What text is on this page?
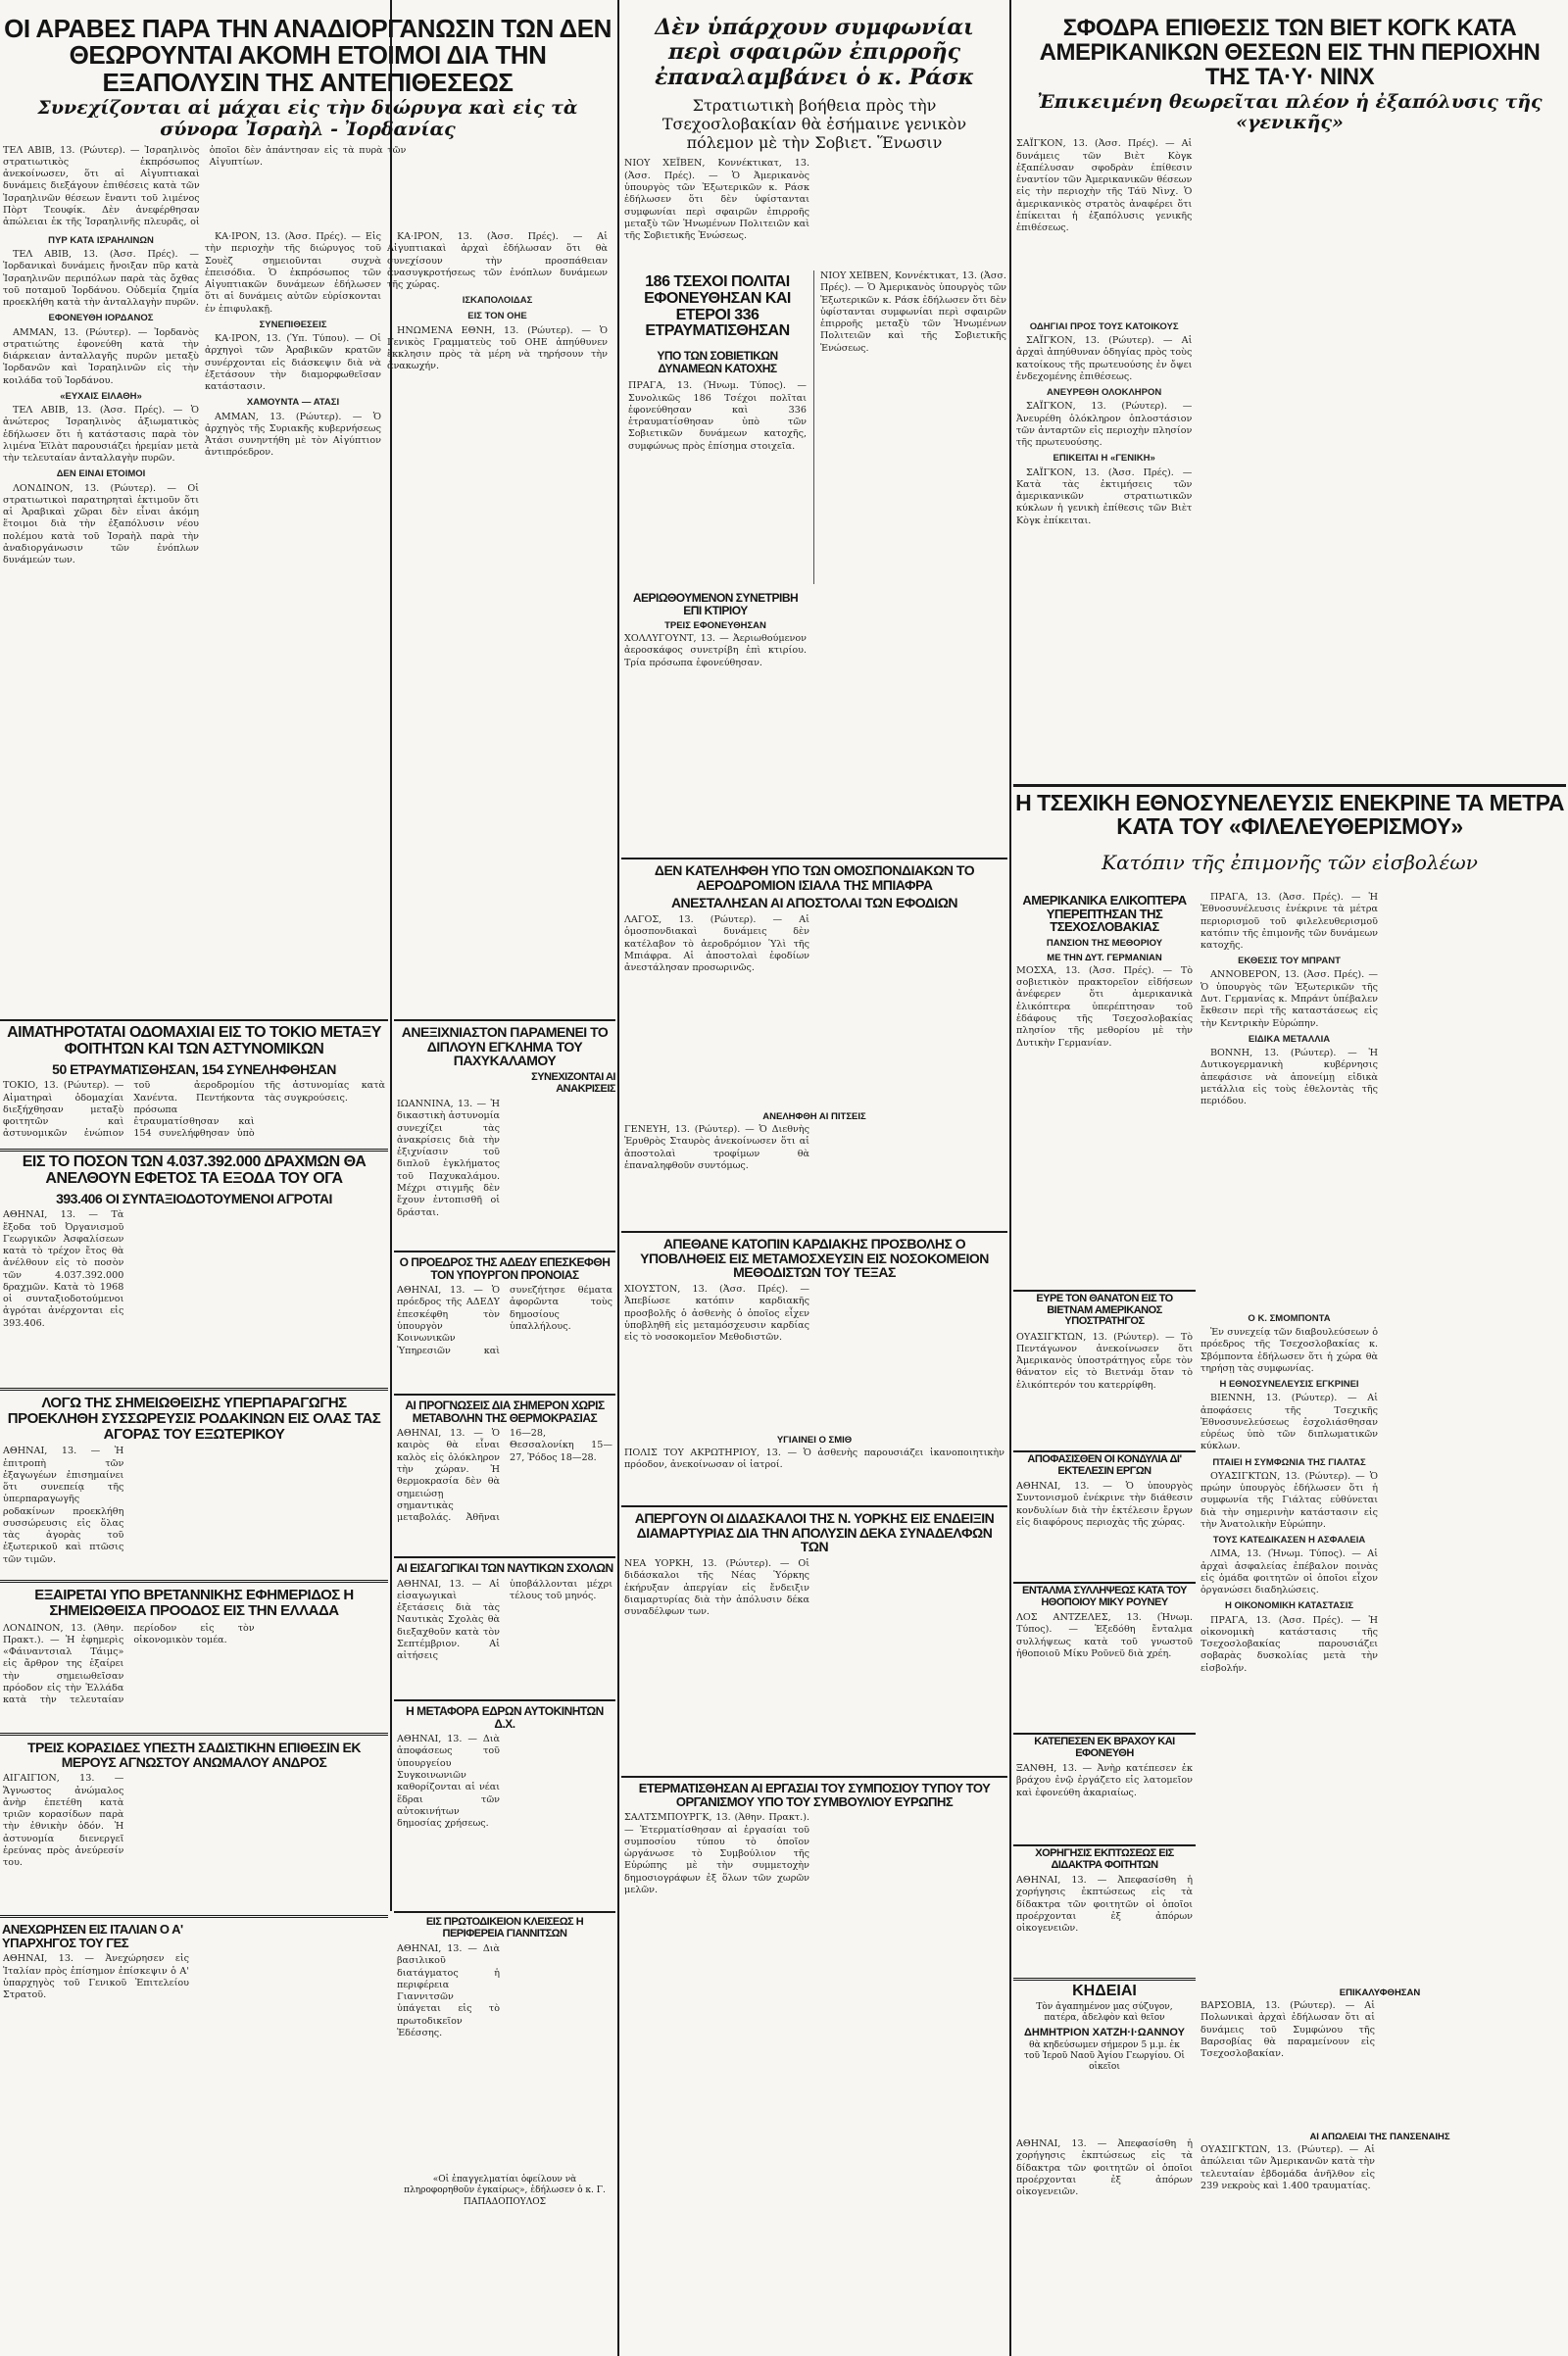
ΟΙ ΑΡΑΒΕΣ ΠΑΡΑ ΤΗΝ ΑΝΑΔΙΟΡΓΑΝΩΣΙΝ ΤΩΝ ΔΕΝ ΘΕΩΡΟΥΝΤΑΙ ΑΚΟΜΗ ΕΤΟΙΜΟΙ ΔΙΑ ΤΗΝ ΕΞΑΠΟΛΥΣΙΝ ΤΗΣ ΑΝΤΕΠΙΘΕΣΕΩΣ
Συνεχίζονται αἱ μάχαι εἰς τὴν διώρυγα καὶ εἰς τὰ σύνορα Ἰσραὴλ - Ἰορδανίας
ΤΕΛ ΑΒΙΒ, 13. (Ρώυτερ). — Ἰσραηλινὸς στρατιωτικὸς ἐκπρόσωπος ἀνεκοίνωσεν, ὅτι αἱ Αἰγυπτιακαὶ δυνάμεις διεξάγουν ἐπιθέσεις κατὰ τῶν Ἰσραηλινῶν θέσεων ἔναντι τοῦ λιμένος Πὸρτ Τεουφίκ. Δὲν ἀνεφέρθησαν ἀπώλειαι ἐκ τῆς Ἰσραηλινῆς πλευρᾶς, οἱ ὁποῖοι δὲν ἀπάντησαν εἰς τὰ πυρὰ τῶν Αἰγυπτίων.
ΠΥΡ ΚΑΤΑ ΙΣΡΑΗΛΙΝΩΝ

ΤΕΛ ΑΒΙΒ, 13. (Ἀσσ. Πρές). — Ἰορδανικαὶ δυνάμεις ἤνοιξαν πῦρ κατὰ Ἰσραηλινῶν περιπόλων παρὰ τὰς ὄχθας τοῦ ποταμοῦ Ἰορδάνου. Οὐδεμία ζημία προεκλήθη κατὰ τὴν ἀνταλλαγὴν πυρῶν.

ΕΦΟΝΕΥΘΗ ΙΟΡΔΑΝΟΣ

ΑΜΜΑΝ, 13. (Ρώυτερ). — Ἰορδανὸς στρατιώτης ἐφονεύθη κατὰ τὴν διάρκειαν ἀνταλλαγῆς πυρῶν μεταξὺ Ἰορδανῶν καὶ Ἰσραηλινῶν εἰς τὴν κοιλάδα τοῦ Ἰορδάνου.

«ΕΥΧΑΙΣ ΕΙΛΑΘΗ»

ΤΕΛ ΑΒΙΒ, 13. (Ἀσσ. Πρές). — Ὁ ἀνώτερος Ἰσραηλινὸς ἀξιωματικὸς ἐδήλωσεν ὅτι ἡ κατάστασις παρὰ τὸν λιμένα Ἐϊλὰτ παρουσιάζει ἡρεμίαν μετὰ τὴν τελευταίαν ἀνταλλαγὴν πυρῶν.

ΔΕΝ ΕΙΝΑΙ ΕΤΟΙΜΟΙ

ΛΟΝΔΙΝΟΝ, 13. (Ρώυτερ). — Οἱ στρατιωτικοὶ παρατηρηταὶ ἐκτιμοῦν ὅτι αἱ Ἀραβικαὶ χῶραι δὲν εἶναι ἀκόμη ἕτοιμοι διὰ τὴν ἐξαπόλυσιν νέου πολέμου κατὰ τοῦ Ἰσραὴλ παρὰ τὴν ἀναδιοργάνωσιν τῶν ἐνόπλων δυνάμεών των.

ΚΑ·ΙΡΟΝ, 13. (Ἀσσ. Πρές). — Εἰς τὴν περιοχὴν τῆς διώρυγος τοῦ Σουὲζ σημειοῦνται συχνὰ ἐπεισόδια. Ὁ ἐκπρόσωπος τῶν Αἰγυπτιακῶν δυνάμεων ἐδήλωσεν ὅτι αἱ δυνάμεις αὐτῶν εὑρίσκονται ἐν ἐπιφυλακῇ.

ΣΥΝΕΠΙΘΕΣΕΙΣ

ΚΑ·ΙΡΟΝ, 13. (Ὑπ. Τύπου). — Οἱ ἀρχηγοὶ τῶν Ἀραβικῶν κρατῶν συνέρχονται εἰς διάσκεψιν διὰ νὰ ἐξετάσουν τὴν διαμορφωθεῖσαν κατάστασιν.

ΧΑΜΟΥΝΤΑ — ΑΤΑΣΙ

ΑΜΜΑΝ, 13. (Ρώυτερ). — Ὁ ἀρχηγὸς τῆς Συριακῆς κυβερνήσεως Ἀτάσι συνηντήθη μὲ τὸν Αἰγύπτιον ἀντιπρόεδρον.

ΚΑ·ΙΡΟΝ, 13. (Ἀσσ. Πρές). — Αἱ Αἰγυπτιακαὶ ἀρχαὶ ἐδήλωσαν ὅτι θὰ συνεχίσουν τὴν προσπάθειαν ἀνασυγκροτήσεως τῶν ἐνόπλων δυνάμεων τῆς χώρας.

ΙΣΚΑΠΟΛΟΙΔΑΣ
ΕΙΣ ΤΟΝ ΟΗΕ

ΗΝΩΜΕΝΑ ΕΘΝΗ, 13. (Ρώυτερ). — Ὁ Γενικὸς Γραμματεὺς τοῦ ΟΗΕ ἀπηύθυνεν ἔκκλησιν πρὸς τὰ μέρη νὰ τηρήσουν τὴν ἀνακωχήν.

ΑΙΜΑΤΗΡΟΤΑΤΑΙ ΟΔΟΜΑΧΙΑΙ ΕΙΣ ΤΟ ΤΟΚΙΟ ΜΕΤΑΞΥ ΦΟΙΤΗΤΩΝ ΚΑΙ ΤΩΝ ΑΣΤΥΝΟΜΙΚΩΝ
50 ΕΤΡΑΥΜΑΤΙΣΘΗΣΑΝ, 154 ΣΥΝΕΛΗΦΘΗΣΑΝ
ΤΟΚΙΟ, 13. (Ρώυτερ). — Αἱματηραὶ ὁδομαχίαι διεξήχθησαν μεταξὺ φοιτητῶν καὶ ἀστυνομικῶν ἐνώπιον τοῦ ἀεροδρομίου Χανέντα. Πεντήκοντα πρόσωπα ἐτραυματίσθησαν καὶ 154 συνελήφθησαν ὑπὸ τῆς ἀστυνομίας κατὰ τὰς συγκρούσεις.
ΕΙΣ ΤΟ ΠΟΣΟΝ ΤΩΝ 4.037.392.000 ΔΡΑΧΜΩΝ ΘΑ ΑΝΕΛΘΟΥΝ ΕΦΕΤΟΣ ΤΑ ΕΞΟΔΑ ΤΟΥ ΟΓΑ
393.406 ΟΙ ΣΥΝΤΑΞΙΟΔΟΤΟΥΜΕΝΟΙ ΑΓΡΟΤΑΙ
ΑΘΗΝΑΙ, 13. — Τὰ ἔξοδα τοῦ Ὀργανισμοῦ Γεωργικῶν Ἀσφαλίσεων κατὰ τὸ τρέχον ἔτος θὰ ἀνέλθουν εἰς τὸ ποσὸν τῶν 4.037.392.000 δραχμῶν. Κατὰ τὸ 1968 οἱ συνταξιοδοτούμενοι ἀγρόται ἀνέρχονται εἰς 393.406.
ΛΟΓΩ ΤΗΣ ΣΗΜΕΙΩΘΕΙΣΗΣ ΥΠΕΡΠΑΡΑΓΩΓΗΣ ΠΡΟΕΚΛΗΘΗ ΣΥΣΣΩΡΕΥΣΙΣ ΡΟΔΑΚΙΝΩΝ ΕΙΣ ΟΛΑΣ ΤΑΣ ΑΓΟΡΑΣ ΤΟΥ ΕΞΩΤΕΡΙΚΟΥ
ΑΘΗΝΑΙ, 13. — Ἡ ἐπιτροπὴ τῶν ἐξαγωγέων ἐπισημαίνει ὅτι συνεπείᾳ τῆς ὑπερπαραγωγῆς ροδακίνων προεκλήθη συσσώρευσις εἰς ὅλας τὰς ἀγορὰς τοῦ ἐξωτερικοῦ καὶ πτῶσις τῶν τιμῶν.
ΕΞΑΙΡΕΤΑΙ ΥΠΟ ΒΡΕΤΑΝΝΙΚΗΣ ΕΦΗΜΕΡΙΔΟΣ Η ΣΗΜΕΙΩΘΕΙΣΑ ΠΡΟΟΔΟΣ ΕΙΣ ΤΗΝ ΕΛΛΑΔΑ
ΛΟΝΔΙΝΟΝ, 13. (Ἀθην. Πρακτ.). — Ἡ ἐφημερὶς «Φάιναντσιαλ Τάιμς» εἰς ἄρθρον της ἐξαίρει τὴν σημειωθεῖσαν πρόοδον εἰς τὴν Ἑλλάδα κατὰ τὴν τελευταίαν περίοδον εἰς τὸν οἰκονομικὸν τομέα.
ΤΡΕΙΣ ΚΟΡΑΣΙΔΕΣ ΥΠΕΣΤΗ ΣΑΔΙΣΤΙΚΗΝ ΕΠΙΘΕΣΙΝ ΕΚ ΜΕΡΟΥΣ ΑΓΝΩΣΤΟΥ ΑΝΩΜΑΛΟΥ ΑΝΔΡΟΣ
ΑΙΓΑΙΓΙΟΝ, 13. — Ἄγνωστος ἀνώμαλος ἀνὴρ ἐπετέθη κατὰ τριῶν κορασίδων παρὰ τὴν ἐθνικὴν ὁδόν. Ἡ ἀστυνομία διενεργεῖ ἐρεύνας πρὸς ἀνεύρεσίν του.
ΑΝΕΧΩΡΗΣΕΝ ΕΙΣ ΙΤΑΛΙΑΝ Ο Α' ΥΠΑΡΧΗΓΟΣ ΤΟΥ ΓΕΣ
ΑΘΗΝΑΙ, 13. — Ἀνεχώρησεν εἰς Ἰταλίαν πρὸς ἐπίσημον ἐπίσκεψιν ὁ Α' ὑπαρχηγὸς τοῦ Γενικοῦ Ἐπιτελείου Στρατοῦ.
ΑΝΕΞΙΧΝΙΑΣΤΟΝ ΠΑΡΑΜΕΝΕΙ ΤΟ ΔΙΠΛΟΥΝ ΕΓΚΛΗΜΑ ΤΟΥ ΠΑΧΥΚΑΛΑΜΟΥ
ΣΥΝΕΧΙΖΟΝΤΑΙ ΑΙ ΑΝΑΚΡΙΣΕΙΣ
ΙΩΑΝΝΙΝΑ, 13. — Ἡ δικαστικὴ ἀστυνομία συνεχίζει τὰς ἀνακρίσεις διὰ τὴν ἐξιχνίασιν τοῦ διπλοῦ ἐγκλήματος τοῦ Παχυκαλάμου. Μέχρι στιγμῆς δὲν ἔχουν ἐντοπισθῆ οἱ δράσται.
Ο ΠΡΟΕΔΡΟΣ ΤΗΣ ΑΔΕΔΥ ΕΠΕΣΚΕΦΘΗ ΤΟΝ ΥΠΟΥΡΓΟΝ ΠΡΟΝΟΙΑΣ
ΑΘΗΝΑΙ, 13. — Ὁ πρόεδρος τῆς ΑΔΕΔΥ ἐπεσκέφθη τὸν ὑπουργὸν Κοινωνικῶν Ὑπηρεσιῶν καὶ συνεζήτησε θέματα ἀφορῶντα τοὺς δημοσίους ὑπαλλήλους.
ΑΙ ΠΡΟΓΝΩΣΕΙΣ ΔΙΑ ΣΗΜΕΡΟΝ ΧΩΡΙΣ ΜΕΤΑΒΟΛΗΝ ΤΗΣ ΘΕΡΜΟΚΡΑΣΙΑΣ
ΑΘΗΝΑΙ, 13. — Ὁ καιρὸς θὰ εἶναι καλὸς εἰς ὁλόκληρον τὴν χώραν. Ἡ θερμοκρασία δὲν θὰ σημειώσῃ σημαντικὰς μεταβολάς. Ἀθῆναι 16—28, Θεσσαλονίκη 15—27, Ῥόδος 18—28.
ΑΙ ΕΙΣΑΓΩΓΙΚΑΙ ΤΩΝ ΝΑΥΤΙΚΩΝ ΣΧΟΛΩΝ
ΑΘΗΝΑΙ, 13. — Αἱ εἰσαγωγικαὶ ἐξετάσεις διὰ τὰς Ναυτικὰς Σχολὰς θὰ διεξαχθοῦν κατὰ τὸν Σεπτέμβριον. Αἱ αἰτήσεις ὑποβάλλονται μέχρι τέλους τοῦ μηνός.
Η ΜΕΤΑΦΟΡΑ ΕΔΡΩΝ ΑΥΤΟΚΙΝΗΤΩΝ Δ.Χ.
ΑΘΗΝΑΙ, 13. — Διὰ ἀποφάσεως τοῦ ὑπουργείου Συγκοινωνιῶν καθορίζονται αἱ νέαι ἕδραι τῶν αὐτοκινήτων δημοσίας χρήσεως.
ΕΙΣ ΠΡΩΤΟΔΙΚΕΙΟΝ ΚΛΕΙΣΕΩΣ Η ΠΕΡΙΦΕΡΕΙΑ ΓΙΑΝΝΙΤΣΩΝ
ΑΘΗΝΑΙ, 13. — Διὰ βασιλικοῦ διατάγματος ἡ περιφέρεια Γιαννιτσῶν ὑπάγεται εἰς τὸ πρωτοδικεῖον Ἐδέσσης.
«Οἱ ἐπαγγελματίαι ὀφείλουν νὰ πληροφορηθοῦν ἐγκαίρως», ἐδήλωσεν ὁ κ. Γ. ΠΑΠΑΔΟΠΟΥΛΟΣ
Δὲν ὑπάρχουν συμφωνίαι περὶ σφαιρῶν ἐπιρροῆς ἐπαναλαμβάνει ὁ κ. Ράσκ
Στρατιωτικὴ βοήθεια πρὸς τὴν Τσεχοσλοβακίαν θὰ ἐσήμαινε γενικὸν πόλεμον μὲ τὴν Σοβιετ. Ἕνωσιν
ΝΙΟΥ ΧΕΪΒΕΝ, Κοννέκτικατ, 13. (Ἀσσ. Πρές). — Ὁ Ἀμερικανὸς ὑπουργὸς τῶν Ἐξωτερικῶν κ. Ράσκ ἐδήλωσεν ὅτι δὲν ὑφίστανται συμφωνίαι περὶ σφαιρῶν ἐπιρροῆς μεταξὺ τῶν Ἡνωμένων Πολιτειῶν καὶ τῆς Σοβιετικῆς Ἑνώσεως.
186 ΤΣΕΧΟΙ ΠΟΛΙΤΑΙ ΕΦΟΝΕΥΘΗΣΑΝ ΚΑΙ ΕΤΕΡΟΙ 336 ΕΤΡΑΥΜΑΤΙΣΘΗΣΑΝ
ΥΠΟ ΤΩΝ ΣΟΒΙΕΤΙΚΩΝ ΔΥΝΑΜΕΩΝ ΚΑΤΟΧΗΣ
ΠΡΑΓΑ, 13. (Ἡνωμ. Τύπος). — Συνολικῶς 186 Τσέχοι πολῖται ἐφονεύθησαν καὶ 336 ἐτραυματίσθησαν ὑπὸ τῶν Σοβιετικῶν δυνάμεων κατοχῆς, συμφώνως πρὸς ἐπίσημα στοιχεῖα.
ΝΙΟΥ ΧΕΪΒΕΝ, Κοννέκτικατ, 13. (Ἀσσ. Πρές). — Ὁ Ἀμερικανὸς ὑπουργὸς τῶν Ἐξωτερικῶν κ. Ράσκ ἐδήλωσεν ὅτι δὲν ὑφίστανται συμφωνίαι περὶ σφαιρῶν ἐπιρροῆς μεταξὺ τῶν Ἡνωμένων Πολιτειῶν καὶ τῆς Σοβιετικῆς Ἑνώσεως.
ΑΕΡΙΩΘΟΥΜΕΝΟΝ ΣΥΝΕΤΡΙΒΗ ΕΠΙ ΚΤΙΡΙΟΥ
ΤΡΕΙΣ ΕΦΟΝΕΥΘΗΣΑΝ
ΧΟΛΛΥΓΟΥΝΤ, 13. — Ἀεριωθούμενον ἀεροσκάφος συνετρίβη ἐπὶ κτιρίου. Τρία πρόσωπα ἐφονεύθησαν.
ΔΕΝ ΚΑΤΕΛΗΦΘΗ ΥΠΟ ΤΩΝ ΟΜΟΣΠΟΝΔΙΑΚΩΝ ΤΟ ΑΕΡΟΔΡΟΜΙΟΝ ΙΣΙΑΛΑ ΤΗΣ ΜΠΙΑΦΡΑ
ΑΝΕΣΤΑΛΗΣΑΝ ΑΙ ΑΠΟΣΤΟΛΑΙ ΤΩΝ ΕΦΟΔΙΩΝ
ΛΑΓΟΣ, 13. (Ρώυτερ). — Αἱ ὁμοσπονδιακαὶ δυνάμεις δὲν κατέλαβον τὸ ἀεροδρόμιον Ὑλὶ τῆς Μπιάφρα. Αἱ ἀποστολαὶ ἐφοδίων ἀνεστάλησαν προσωρινῶς.
ΑΝΕΛΗΦΘΗ ΑΙ ΠΙΤΣΕΙΣ
ΓΕΝΕΥΗ, 13. (Ρώυτερ). — Ὁ Διεθνὴς Ἐρυθρὸς Σταυρὸς ἀνεκοίνωσεν ὅτι αἱ ἀποστολαὶ τροφίμων θὰ ἐπαναληφθοῦν συντόμως.
ΑΠΕΘΑΝΕ ΚΑΤΟΠΙΝ ΚΑΡΔΙΑΚΗΣ ΠΡΟΣΒΟΛΗΣ Ο ΥΠΟΒΛΗΘΕΙΣ ΕΙΣ ΜΕΤΑΜΟΣΧΕΥΣΙΝ ΕΙΣ ΝΟΣΟΚΟΜΕΙΟΝ ΜΕΘΟΔΙΣΤΩΝ ΤΟΥ ΤΕΞΑΣ
ΧΙΟΥΣΤΟΝ, 13. (Ἀσσ. Πρές). — Ἀπεβίωσε κατόπιν καρδιακῆς προσβολῆς ὁ ἀσθενὴς ὁ ὁποῖος εἶχεν ὑποβληθῆ εἰς μεταμόσχευσιν καρδίας εἰς τὸ νοσοκομεῖον Μεθοδιστῶν.
ΥΓΙΑΙΝΕΙ Ο ΣΜΙΘ
ΠΟΛΙΣ ΤΟΥ ΑΚΡΩΤΗΡΙΟΥ, 13. — Ὁ ἀσθενὴς παρουσιάζει ἱκανοποιητικὴν πρόοδον, ἀνεκοίνωσαν οἱ ἰατροί.
ΑΠΕΡΓΟΥΝ ΟΙ ΔΙΔΑΣΚΑΛΟΙ ΤΗΣ Ν. ΥΟΡΚΗΣ ΕΙΣ ΕΝΔΕΙΞΙΝ ΔΙΑΜΑΡΤΥΡΙΑΣ ΔΙΑ ΤΗΝ ΑΠΟΛΥΣΙΝ ΔΕΚΑ ΣΥΝΑΔΕΛΦΩΝ ΤΩΝ
ΝΕΑ ΥΟΡΚΗ, 13. (Ρώυτερ). — Οἱ διδάσκαλοι τῆς Νέας Ὑόρκης ἐκήρυξαν ἀπεργίαν εἰς ἔνδειξιν διαμαρτυρίας διὰ τὴν ἀπόλυσιν δέκα συναδέλφων των.
ΕΤΕΡΜΑΤΙΣΘΗΣΑΝ ΑΙ ΕΡΓΑΣΙΑΙ ΤΟΥ ΣΥΜΠΟΣΙΟΥ ΤΥΠΟΥ ΤΟΥ ΟΡΓΑΝΙΣΜΟΥ ΥΠΟ ΤΟΥ ΣΥΜΒΟΥΛΙΟΥ ΕΥΡΩΠΗΣ
ΣΑΛΤΣΜΠΟΥΡΓΚ, 13. (Ἀθην. Πρακτ.). — Ἐτερματίσθησαν αἱ ἐργασίαι τοῦ συμποσίου τύπου τὸ ὁποῖον ὠργάνωσε τὸ Συμβούλιον τῆς Εὐρώπης μὲ τὴν συμμετοχὴν δημοσιογράφων ἐξ ὅλων τῶν χωρῶν μελῶν.
ΣΦΟΔΡΑ ΕΠΙΘΕΣΙΣ ΤΩΝ ΒΙΕΤ ΚΟΓΚ ΚΑΤΑ ΑΜΕΡΙΚΑΝΙΚΩΝ ΘΕΣΕΩΝ ΕΙΣ ΤΗΝ ΠΕΡΙΟΧΗΝ ΤΗΣ ΤΑ·Υ· ΝΙΝΧ
Ἐπικειμένη θεωρεῖται πλέον ἡ ἐξαπόλυσις τῆς «γενικῆς»
ΣΑΪΓΚΟΝ, 13. (Ἀσσ. Πρές). — Αἱ δυνάμεις τῶν Βιὲτ Κὸγκ ἐξαπέλυσαν σφοδρὰν ἐπίθεσιν ἐναντίον τῶν Ἀμερικανικῶν θέσεων εἰς τὴν περιοχὴν τῆς Τάϋ Νὶνχ. Ὁ ἀμερικανικὸς στρατὸς ἀναφέρει ὅτι ἐπίκειται ἡ ἐξαπόλυσις γενικῆς ἐπιθέσεως.
ΟΔΗΓΙΑΙ ΠΡΟΣ ΤΟΥΣ ΚΑΤΟΙΚΟΥΣ

ΣΑΪΓΚΟΝ, 13. (Ρώυτερ). — Αἱ ἀρχαὶ ἀπηύθυναν ὁδηγίας πρὸς τοὺς κατοίκους τῆς πρωτευούσης ἐν ὄψει ἐνδεχομένης ἐπιθέσεως.

ΑΝΕΥΡΕΘΗ ΟΛΟΚΛΗΡΟΝ

ΣΑΪΓΚΟΝ, 13. (Ρώυτερ). — Ἀνευρέθη ὁλόκληρον ὁπλοστάσιον τῶν ἀνταρτῶν εἰς περιοχὴν πλησίον τῆς πρωτευούσης.

ΕΠΙΚΕΙΤΑΙ Η «ΓΕΝΙΚΗ»

ΣΑΪΓΚΟΝ, 13. (Ἀσσ. Πρές). — Κατὰ τὰς ἐκτιμήσεις τῶν ἀμερικανικῶν στρατιωτικῶν κύκλων ἡ γενικὴ ἐπίθεσις τῶν Βιὲτ Κὸγκ ἐπίκειται.

Η ΤΣΕΧΙΚΗ ΕΘΝΟΣΥΝΕΛΕΥΣΙΣ ΕΝΕΚΡΙΝΕ ΤΑ ΜΕΤΡΑ ΚΑΤΑ ΤΟΥ «ΦΙΛΕΛΕΥΘΕΡΙΣΜΟΥ»
Κατόπιν τῆς ἐπιμονῆς τῶν εἰσβολέων
ΑΜΕΡΙΚΑΝΙΚΑ ΕΛΙΚΟΠΤΕΡΑ ΥΠΕΡΕΠΤΗΣΑΝ ΤΗΣ ΤΣΕΧΟΣΛΟΒΑΚΙΑΣ
ΠΑΝΣΙΟΝ ΤΗΣ ΜΕΘΟΡΙΟΥ
ΜΕ ΤΗΝ ΔΥΤ. ΓΕΡΜΑΝΙΑΝ
ΜΟΣΧΑ, 13. (Ἀσσ. Πρές). — Τὸ σοβιετικὸν πρακτορεῖον εἰδήσεων ἀνέφερεν ὅτι ἀμερικανικὰ ἑλικόπτερα ὑπερέπτησαν τοῦ ἐδάφους τῆς Τσεχοσλοβακίας πλησίον τῆς μεθορίου μὲ τὴν Δυτικὴν Γερμανίαν.

ΠΡΑΓΑ, 13. (Ἀσσ. Πρές). — Ἡ Ἐθνοσυνέλευσις ἐνέκρινε τὰ μέτρα περιορισμοῦ τοῦ φιλελευθερισμοῦ κατόπιν τῆς ἐπιμονῆς τῶν δυνάμεων κατοχῆς.

ΕΚΘΕΣΙΣ ΤΟΥ ΜΠΡΑΝΤ

ΑΝΝΟΒΕΡΟΝ, 13. (Ἀσσ. Πρές). — Ὁ ὑπουργὸς τῶν Ἐξωτερικῶν τῆς Δυτ. Γερμανίας κ. Μπράντ ὑπέβαλεν ἔκθεσιν περὶ τῆς καταστάσεως εἰς τὴν Κεντρικὴν Εὐρώπην.

ΕΙΔΙΚΑ ΜΕΤΑΛΛΙΑ

ΒΟΝΝΗ, 13. (Ρώυτερ). — Ἡ Δυτικογερμανικὴ κυβέρνησις ἀπεφάσισε νὰ ἀπονείμῃ εἰδικὰ μετάλλια εἰς τοὺς ἐθελοντὰς τῆς περιόδου.

ΕΥΡΕ ΤΟΝ ΘΑΝΑΤΟΝ ΕΙΣ ΤΟ ΒΙΕΤΝΑΜ ΑΜΕΡΙΚΑΝΟΣ ΥΠΟΣΤΡΑΤΗΓΟΣ
ΟΥΑΣΙΓΚΤΩΝ, 13. (Ρώυτερ). — Τὸ Πεντάγωνον ἀνεκοίνωσεν ὅτι Ἀμερικανὸς ὑποστράτηγος εὗρε τὸν θάνατον εἰς τὸ Βιετνάμ ὅταν τὸ ἑλικόπτερόν του κατερρίφθη.
Ο Κ. ΣΜΟΜΠΟΝΤΑ

Ἐν συνεχείᾳ τῶν διαβουλεύσεων ὁ πρόεδρος τῆς Τσεχοσλοβακίας κ. Σβόμποντα ἐδήλωσεν ὅτι ἡ χώρα θὰ τηρήσῃ τὰς συμφωνίας.

Η ΕΘΝΟΣΥΝΕΛΕΥΣΙΣ ΕΓΚΡΙΝΕΙ

ΒΙΕΝΝΗ, 13. (Ρώυτερ). — Αἱ ἀποφάσεις τῆς Τσεχικῆς Ἐθνοσυνελεύσεως ἐσχολιάσθησαν εὐρέως ὑπὸ τῶν διπλωματικῶν κύκλων.

ΠΤΑΙΕΙ Η ΣΥΜΦΩΝΙΑ ΤΗΣ ΓΙΑΛΤΑΣ

ΟΥΑΣΙΓΚΤΩΝ, 13. (Ρώυτερ). — Ὁ πρώην ὑπουργὸς ἐδήλωσεν ὅτι ἡ συμφωνία τῆς Γιάλτας εὐθύνεται διὰ τὴν σημερινὴν κατάστασιν εἰς τὴν Ἀνατολικὴν Εὐρώπην.

ΤΟΥΣ ΚΑΤΕΔΙΚΑΣΕΝ Η ΑΣΦΑΛΕΙΑ

ΛΙΜΑ, 13. (Ἡνωμ. Τύπος). — Αἱ ἀρχαὶ ἀσφαλείας ἐπέβαλον ποινὰς εἰς ὁμάδα φοιτητῶν οἱ ὁποῖοι εἶχον ὀργανώσει διαδηλώσεις.

Η ΟΙΚΟΝΟΜΙΚΗ ΚΑΤΑΣΤΑΣΙΣ

ΠΡΑΓΑ, 13. (Ἀσσ. Πρές). — Ἡ οἰκονομικὴ κατάστασις τῆς Τσεχοσλοβακίας παρουσιάζει σοβαρὰς δυσκολίας μετὰ τὴν εἰσβολήν.

ΑΠΟΦΑΣΙΣΘΕΝ ΟΙ ΚΟΝΔΥΛΙΑ ΔΙ' ΕΚΤΕΛΕΣΙΝ ΕΡΓΩΝ
ΑΘΗΝΑΙ, 13. — Ὁ ὑπουργὸς Συντονισμοῦ ἐνέκρινε τὴν διάθεσιν κονδυλίων διὰ τὴν ἐκτέλεσιν ἔργων εἰς διαφόρους περιοχὰς τῆς χώρας.
ΕΝΤΑΛΜΑ ΣΥΛΛΗΨΕΩΣ ΚΑΤΑ ΤΟΥ ΗΘΟΠΟΙΟΥ ΜΙΚΥ ΡΟΥΝΕΥ
ΛΟΣ ΑΝΤΖΕΛΕΣ, 13. (Ἡνωμ. Τύπος). — Ἐξεδόθη ἔνταλμα συλλήψεως κατὰ τοῦ γνωστοῦ ἠθοποιοῦ Μίκυ Ροῦνεϋ διὰ χρέη.
ΚΑΤΕΠΕΣΕΝ ΕΚ ΒΡΑΧΟΥ ΚΑΙ ΕΦΟΝΕΥΘΗ
ΞΑΝΘΗ, 13. — Ἀνὴρ κατέπεσεν ἐκ βράχου ἐνῷ ἐργάζετο εἰς λατομεῖον καὶ ἐφονεύθη ἀκαριαίως.
ΧΟΡΗΓΗΣΙΣ ΕΚΠΤΩΣΕΩΣ ΕΙΣ ΔΙΔΑΚΤΡΑ ΦΟΙΤΗΤΩΝ
ΑΘΗΝΑΙ, 13. — Ἀπεφασίσθη ἡ χορήγησις ἐκπτώσεως εἰς τὰ δίδακτρα τῶν φοιτητῶν οἱ ὁποῖοι προέρχονται ἐξ ἀπόρων οἰκογενειῶν.
ΚΗΔΕΙΑΙ
Τὸν ἀγαπημένον μας σύζυγον, πατέρα, ἀδελφὸν καὶ θεῖον
ΔΗΜΗΤΡΙΟΝ ΧΑΤΖΗ·Ι·ΩΑΝΝΟΥ
θὰ κηδεύσωμεν σήμερον 5 μ.μ. ἐκ τοῦ Ἱεροῦ Ναοῦ Ἁγίου Γεωργίου. Οἱ οἰκεῖοι
ΕΠΙΚΑΛΥΦΘΗΣΑΝ
ΒΑΡΣΟΒΙΑ, 13. (Ρώυτερ). — Αἱ Πολωνικαὶ ἀρχαὶ ἐδήλωσαν ὅτι αἱ δυνάμεις τοῦ Συμφώνου τῆς Βαρσοβίας θὰ παραμείνουν εἰς Τσεχοσλοβακίαν.
ΑΙ ΑΠΩΛΕΙΑΙ ΤΗΣ ΠΑΝΣΕΝΑΙΗΣ
ΟΥΑΣΙΓΚΤΩΝ, 13. (Ρώυτερ). — Αἱ ἀπώλειαι τῶν Ἀμερικανῶν κατὰ τὴν τελευταίαν ἑβδομάδα ἀνῆλθον εἰς 239 νεκροὺς καὶ 1.400 τραυματίας.
ΑΘΗΝΑΙ, 13. — Ἀπεφασίσθη ἡ χορήγησις ἐκπτώσεως εἰς τὰ δίδακτρα τῶν φοιτητῶν οἱ ὁποῖοι προέρχονται ἐξ ἀπόρων οἰκογενειῶν.
